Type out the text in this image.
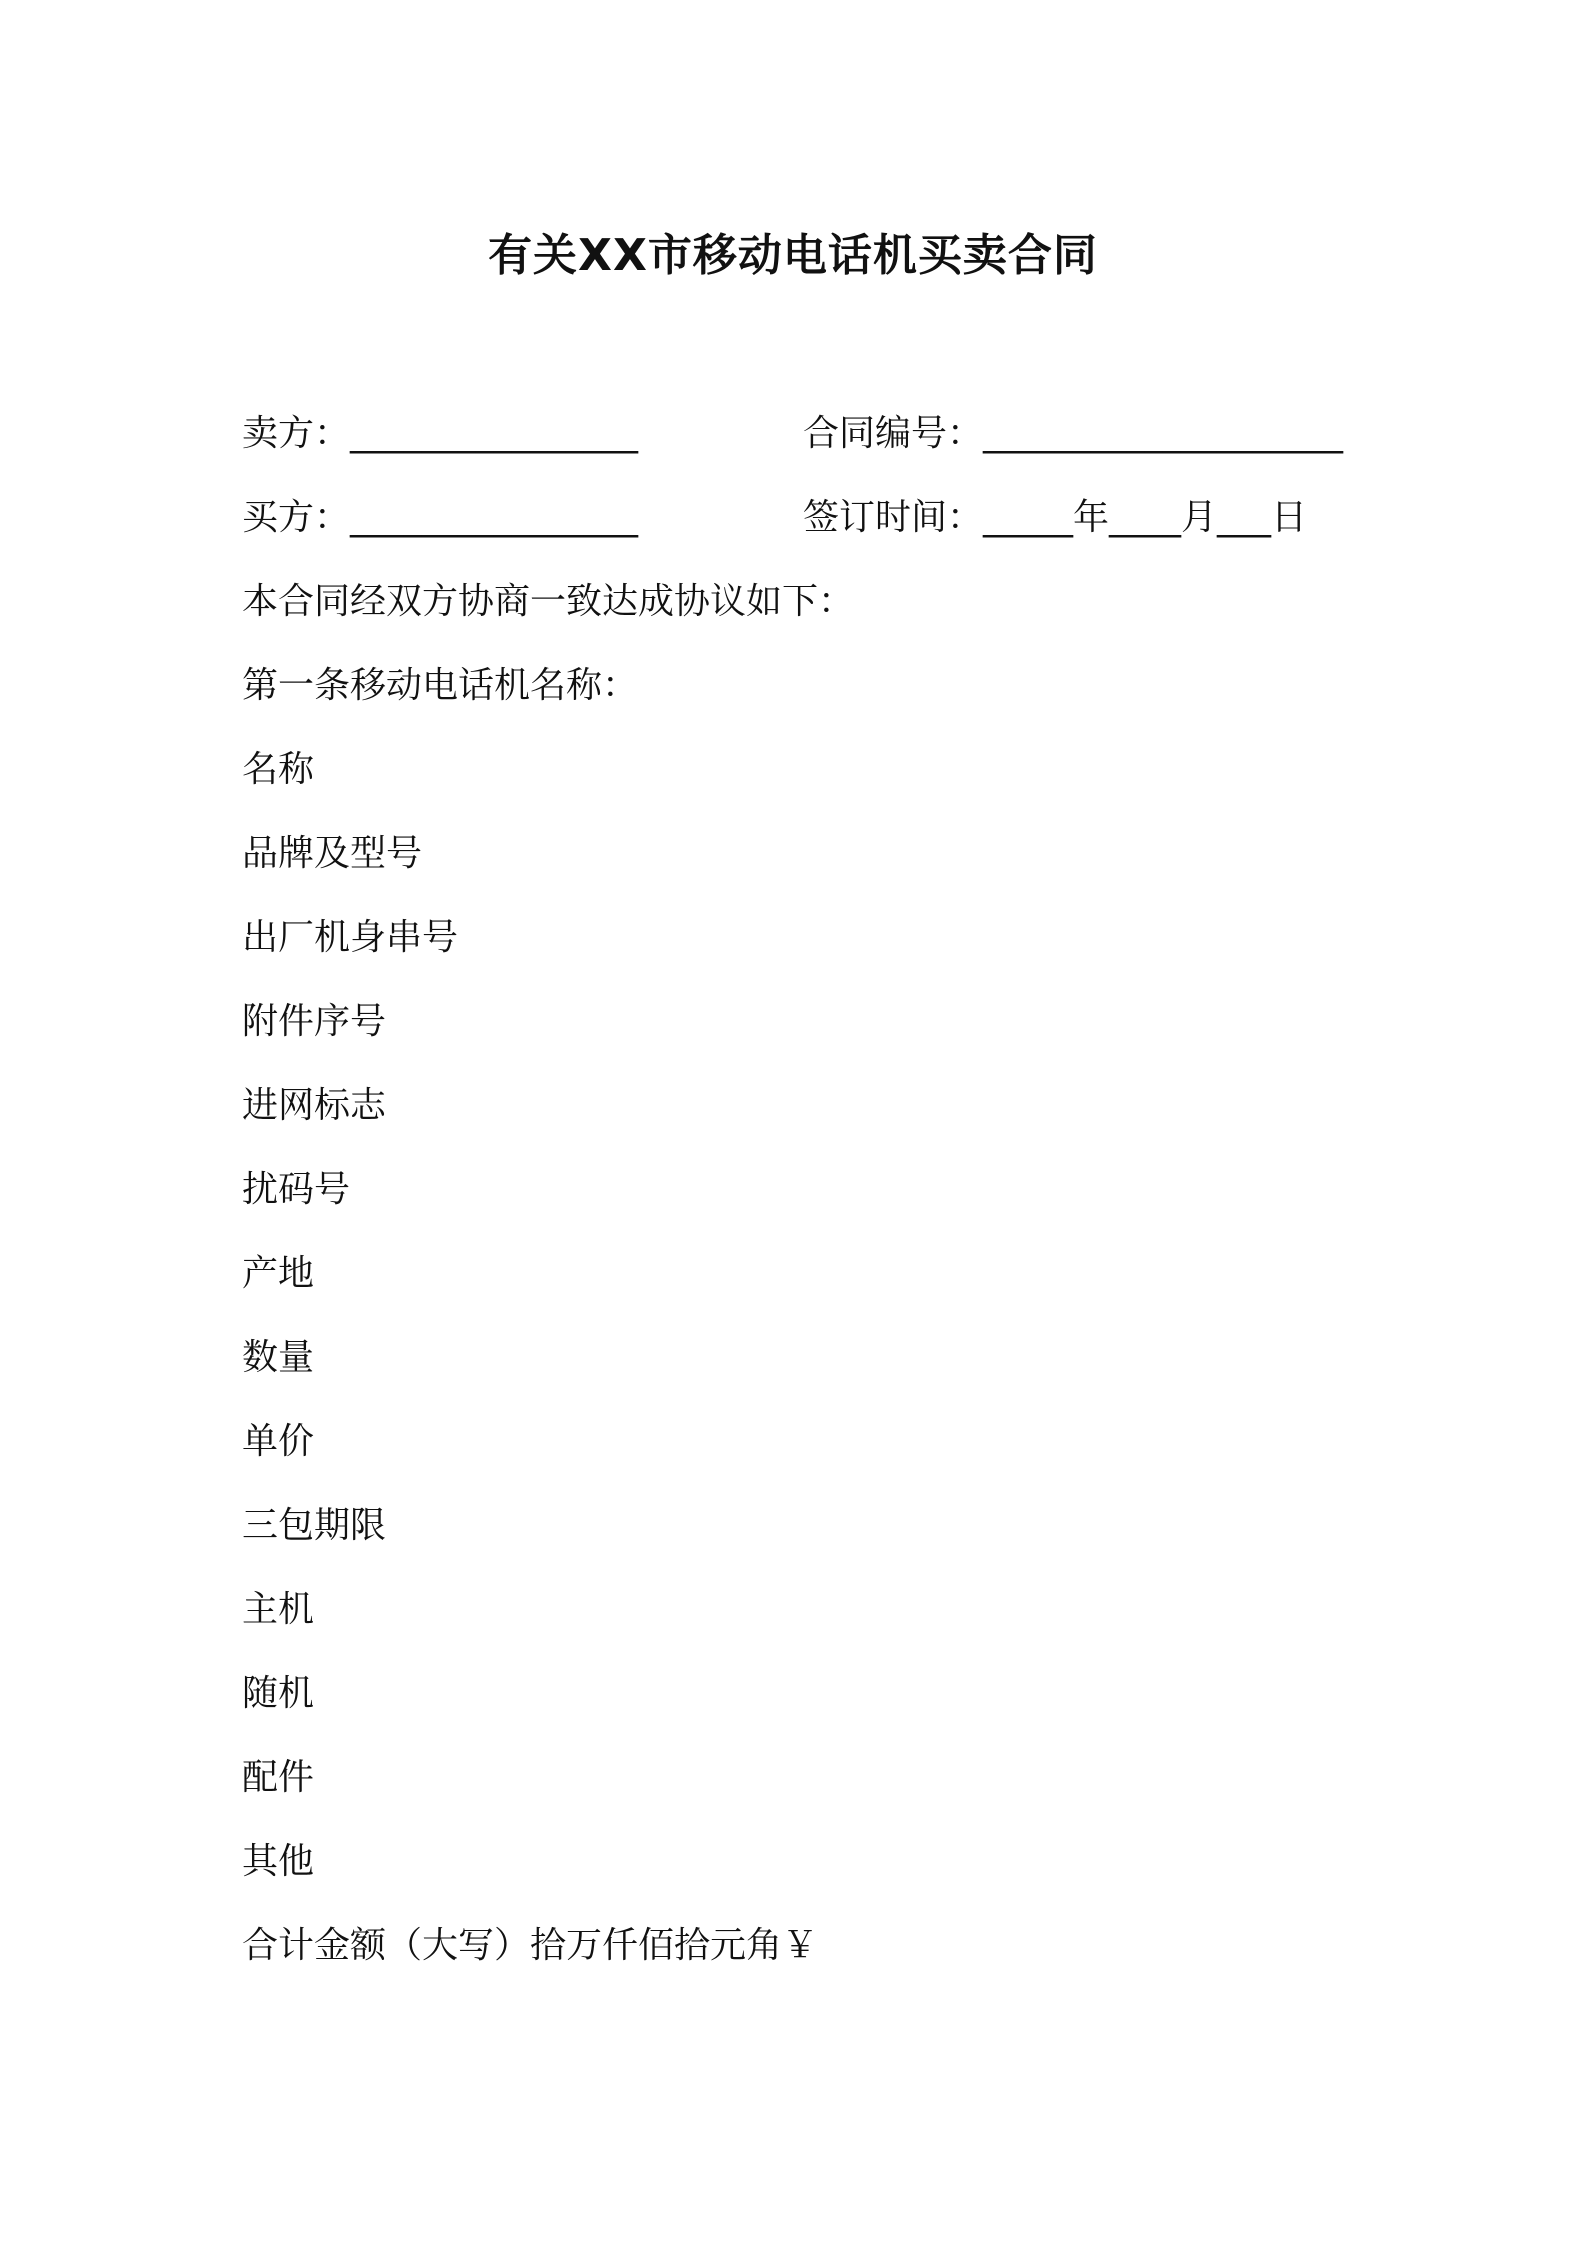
有关XX市移动电话机买卖合同
卖方：________________	合同编号：____________________
买方：________________	签订时间：_____年____月___日
本合同经双方协商一致达成协议如下：
第一条移动电话机名称：
名称
品牌及型号
出厂机身串号
附件序号
进网标志
扰码号
产地
数量
单价
三包期限
主机
随机
配件
其他
合计金额（大写）拾万仟佰拾元角￥
